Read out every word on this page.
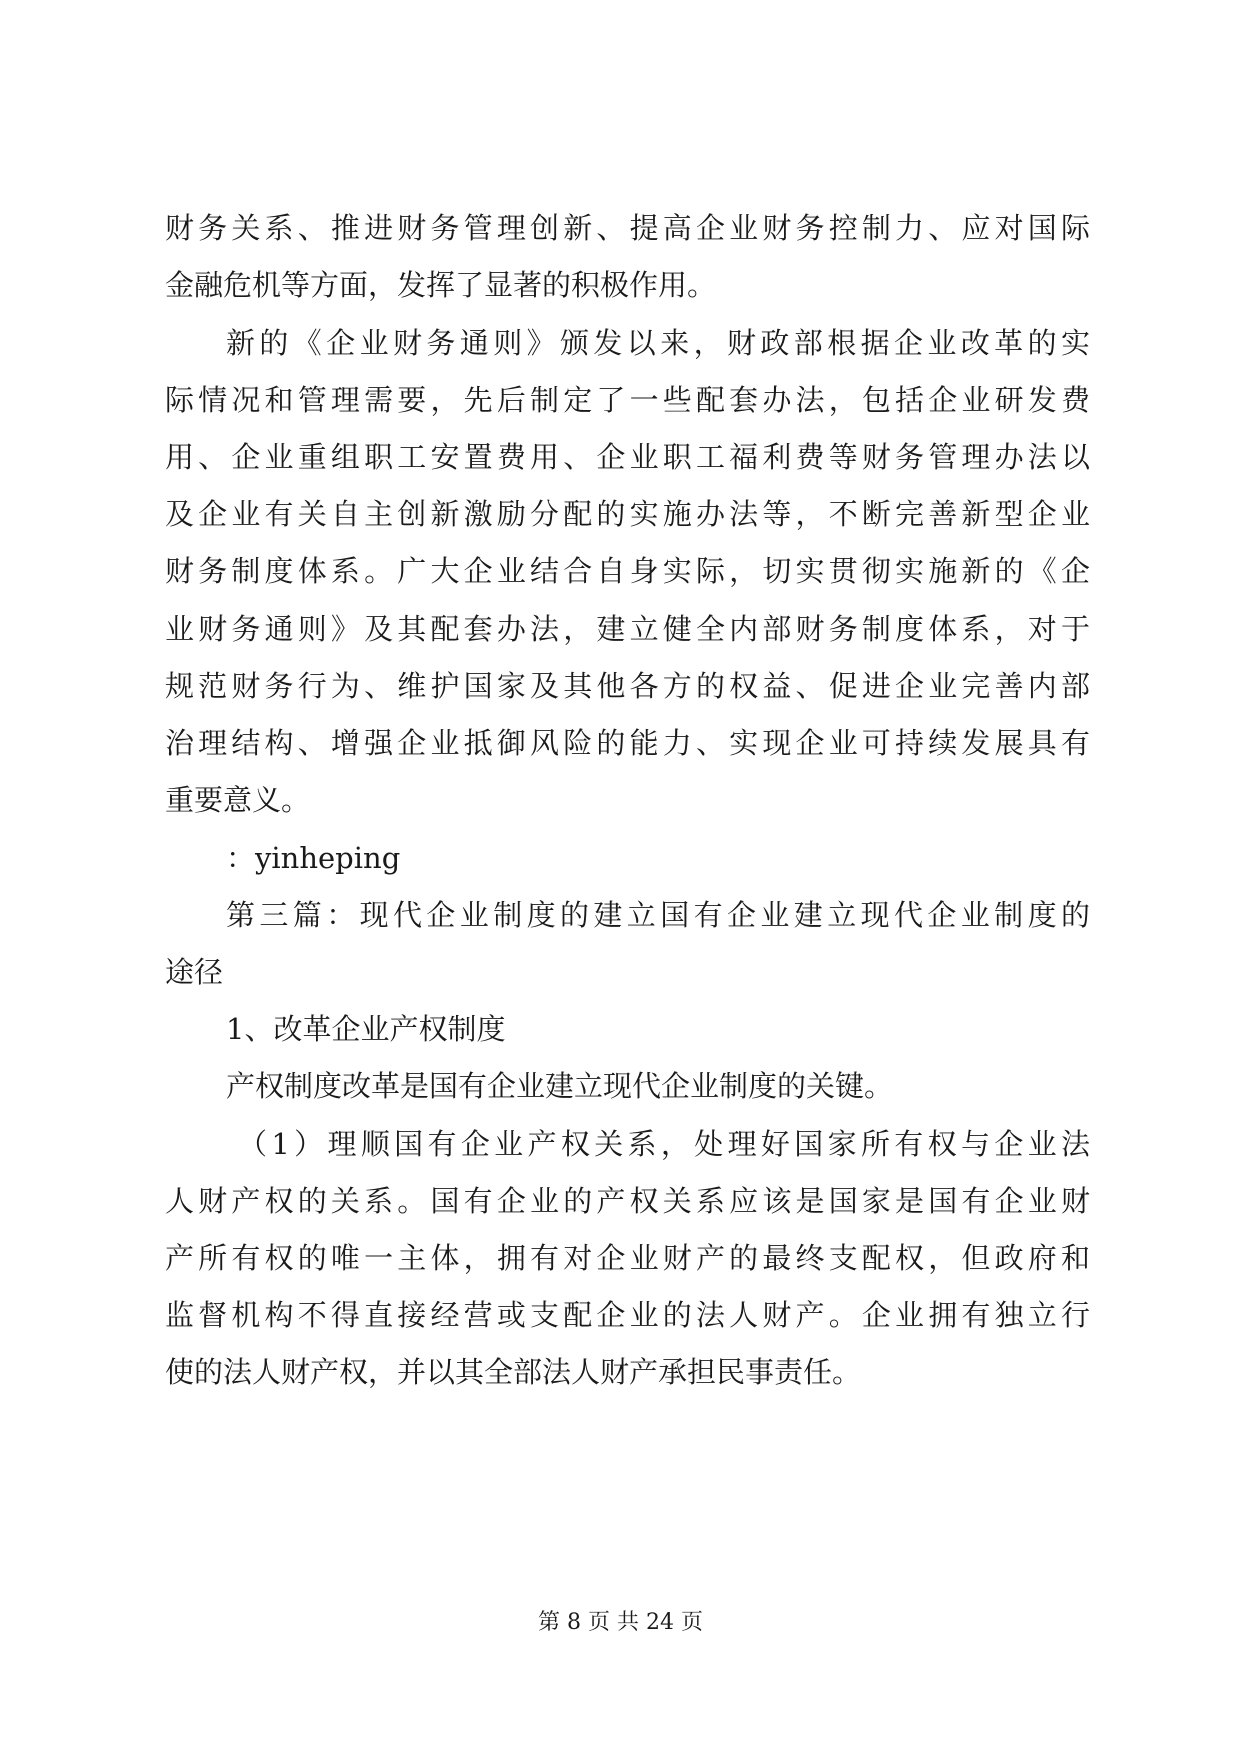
财务关系、推进财务管理创新、提高企业财务控制力、应对国际
金融危机等方面，发挥了显著的积极作用。
新的《企业财务通则》颁发以来，财政部根据企业改革的实
际情况和管理需要，先后制定了一些配套办法，包括企业研发费
用、企业重组职工安置费用、企业职工福利费等财务管理办法以
及企业有关自主创新激励分配的实施办法等，不断完善新型企业
财务制度体系。广大企业结合自身实际，切实贯彻实施新的《企
业财务通则》及其配套办法，建立健全内部财务制度体系，对于
规范财务行为、维护国家及其他各方的权益、促进企业完善内部
治理结构、增强企业抵御风险的能力、实现企业可持续发展具有
重要意义。
：yinheping
第三篇：现代企业制度的建立国有企业建立现代企业制度的
途径
1、改革企业产权制度
产权制度改革是国有企业建立现代企业制度的关键。
（1）理顺国有企业产权关系，处理好国家所有权与企业法
人财产权的关系。国有企业的产权关系应该是国家是国有企业财
产所有权的唯一主体，拥有对企业财产的最终支配权，但政府和
监督机构不得直接经营或支配企业的法人财产。企业拥有独立行
使的法人财产权，并以其全部法人财产承担民事责任。
第 8 页 共 24 页
